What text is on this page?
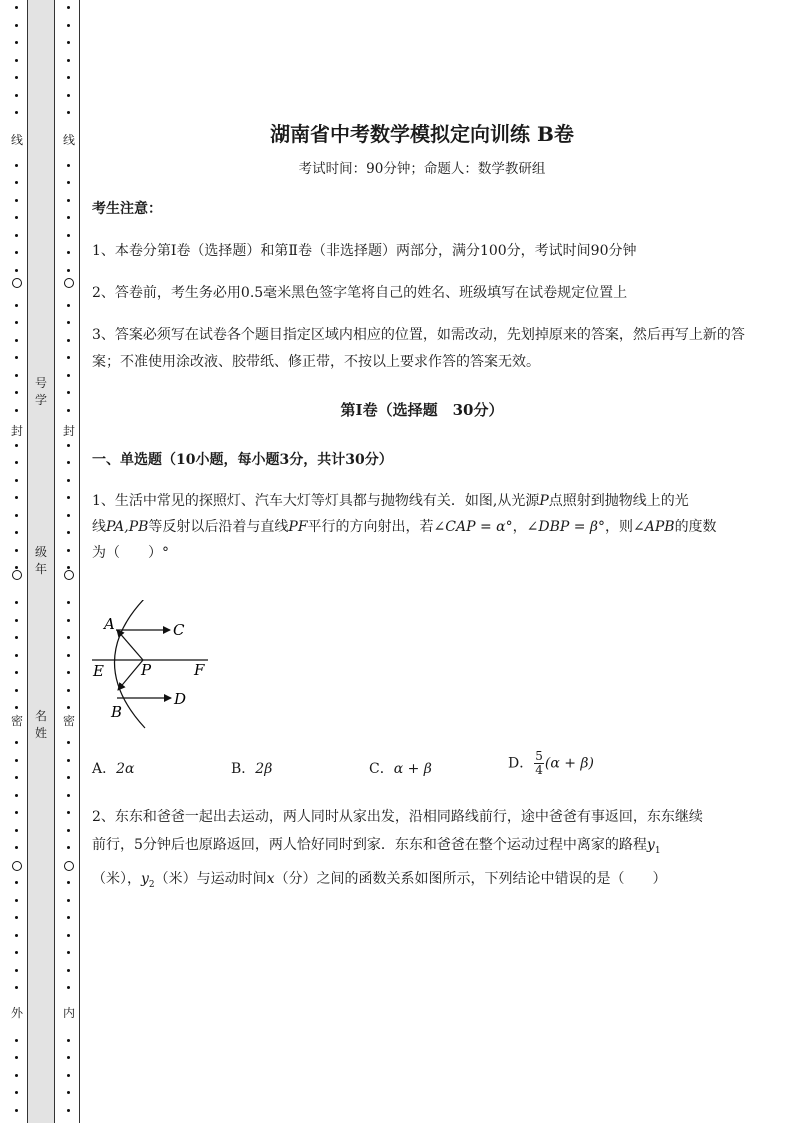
线
封
密
外
线
封
密
内
号学
级年
名姓
湖南省中考数学模拟定向训练 B卷
考试时间：90分钟；命题人：数学教研组
考生注意：
1、本卷分第I卷（选择题）和第Ⅱ卷（非选择题）两部分，满分100分，考试时间90分钟
2、答卷前，考生务必用0.5毫米黑色签字笔将自己的姓名、班级填写在试卷规定位置上
3、答案必须写在试卷各个题目指定区域内相应的位置，如需改动，先划掉原来的答案，然后再写上新的答案；不准使用涂改液、胶带纸、修正带，不按以上要求作答的答案无效。
第I卷（选择题　30分）
一、单选题（10小题，每小题3分，共计30分）
1、生活中常见的探照灯、汽车大灯等灯具都与抛物线有关．如图,从光源P点照射到抛物线上的光
线PA,PB等反射以后沿着与直线PF平行的方向射出，若∠CAP = α°，∠DBP = β°，则∠APB的度数
为（　　）°
A	C
E P	F
D
B
A．2α	B．2β	C．α + β	D． $\frac{5}{4} (\alpha + \beta)$
2、东东和爸爸一起出去运动，两人同时从家出发，沿相同路线前行，途中爸爸有事返回，东东继续
前行，5分钟后也原路返回，两人恰好同时到家．东东和爸爸在整个运动过程中离家的路程$y_1$
（米），$y_2$（米）与运动时间x（分）之间的函数关系如图所示，下列结论中错误的是（　　）
